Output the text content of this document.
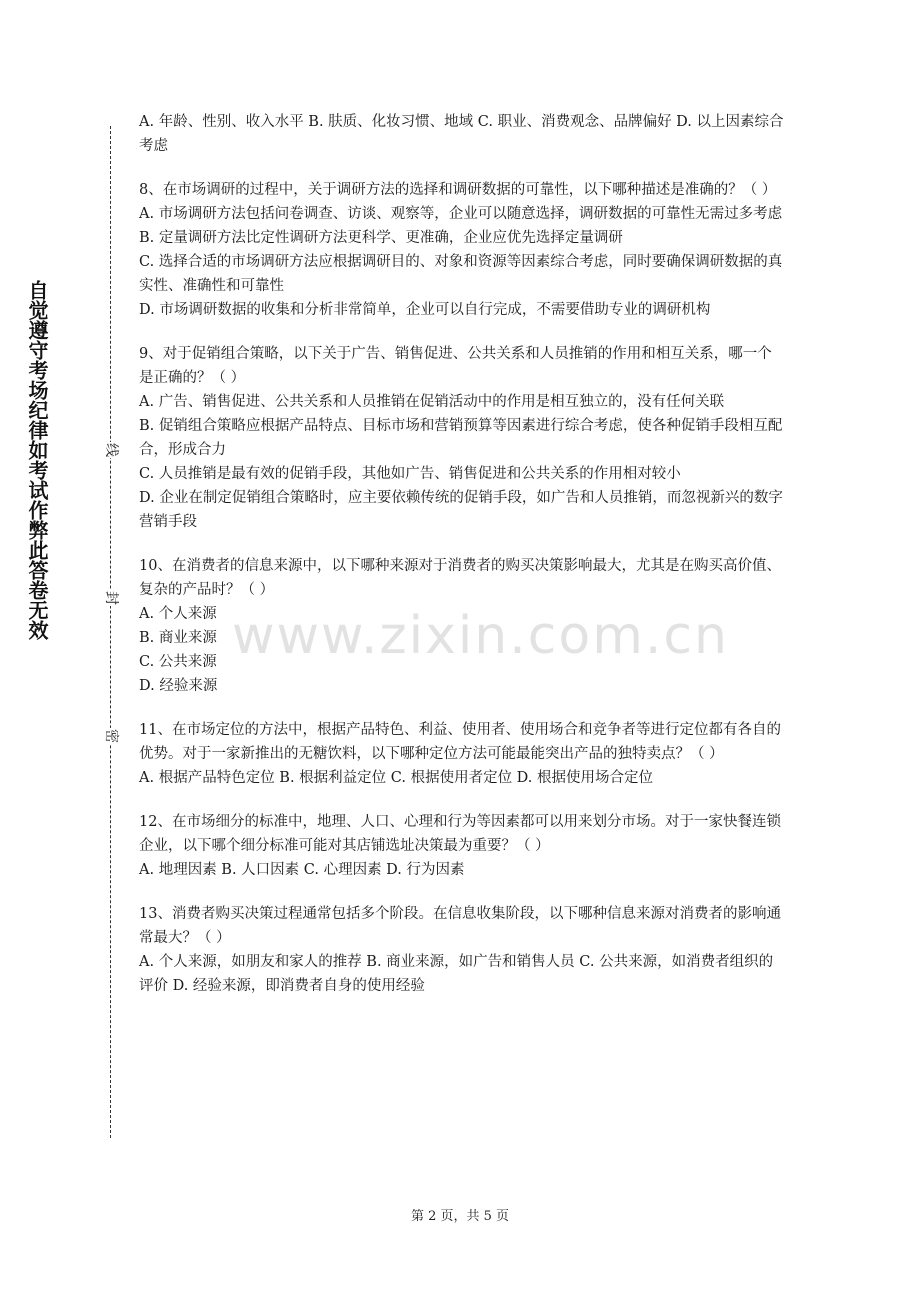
自觉遵守考场纪律如考试作弊此答卷无效	线
封
密
www.zixin.com.cn

A. 年龄、性别、收入水平 B. 肤质、化妆习惯、地域 C. 职业、消费观念、品牌偏好 D. 以上因素综合考虑

8、在市场调研的过程中，关于调研方法的选择和调研数据的可靠性，以下哪种描述是准确的？（ ）

A. 市场调研方法包括问卷调查、访谈、观察等，企业可以随意选择，调研数据的可靠性无需过多考虑

B. 定量调研方法比定性调研方法更科学、更准确，企业应优先选择定量调研

C. 选择合适的市场调研方法应根据调研目的、对象和资源等因素综合考虑，同时要确保调研数据的真实性、准确性和可靠性

D. 市场调研数据的收集和分析非常简单，企业可以自行完成，不需要借助专业的调研机构

9、对于促销组合策略，以下关于广告、销售促进、公共关系和人员推销的作用和相互关系，哪一个是正确的？（ ）

A. 广告、销售促进、公共关系和人员推销在促销活动中的作用是相互独立的，没有任何关联

B. 促销组合策略应根据产品特点、目标市场和营销预算等因素进行综合考虑，使各种促销手段相互配合，形成合力

C. 人员推销是最有效的促销手段，其他如广告、销售促进和公共关系的作用相对较小

D. 企业在制定促销组合策略时，应主要依赖传统的促销手段，如广告和人员推销，而忽视新兴的数字营销手段

10、在消费者的信息来源中，以下哪种来源对于消费者的购买决策影响最大，尤其是在购买高价值、复杂的产品时？（ ）

A. 个人来源

B. 商业来源

C. 公共来源

D. 经验来源

11、在市场定位的方法中，根据产品特色、利益、使用者、使用场合和竞争者等进行定位都有各自的优势。对于一家新推出的无糖饮料，以下哪种定位方法可能最能突出产品的独特卖点？（ ）

A. 根据产品特色定位 B. 根据利益定位 C. 根据使用者定位 D. 根据使用场合定位

12、在市场细分的标准中，地理、人口、心理和行为等因素都可以用来划分市场。对于一家快餐连锁企业，以下哪个细分标准可能对其店铺选址决策最为重要？（ ）

A. 地理因素 B. 人口因素 C. 心理因素 D. 行为因素

13、消费者购买决策过程通常包括多个阶段。在信息收集阶段，以下哪种信息来源对消费者的影响通常最大？（ ）

A. 个人来源，如朋友和家人的推荐 B. 商业来源，如广告和销售人员 C. 公共来源，如消费者组织的评价 D. 经验来源，即消费者自身的使用经验

第 2 页，共 5 页
